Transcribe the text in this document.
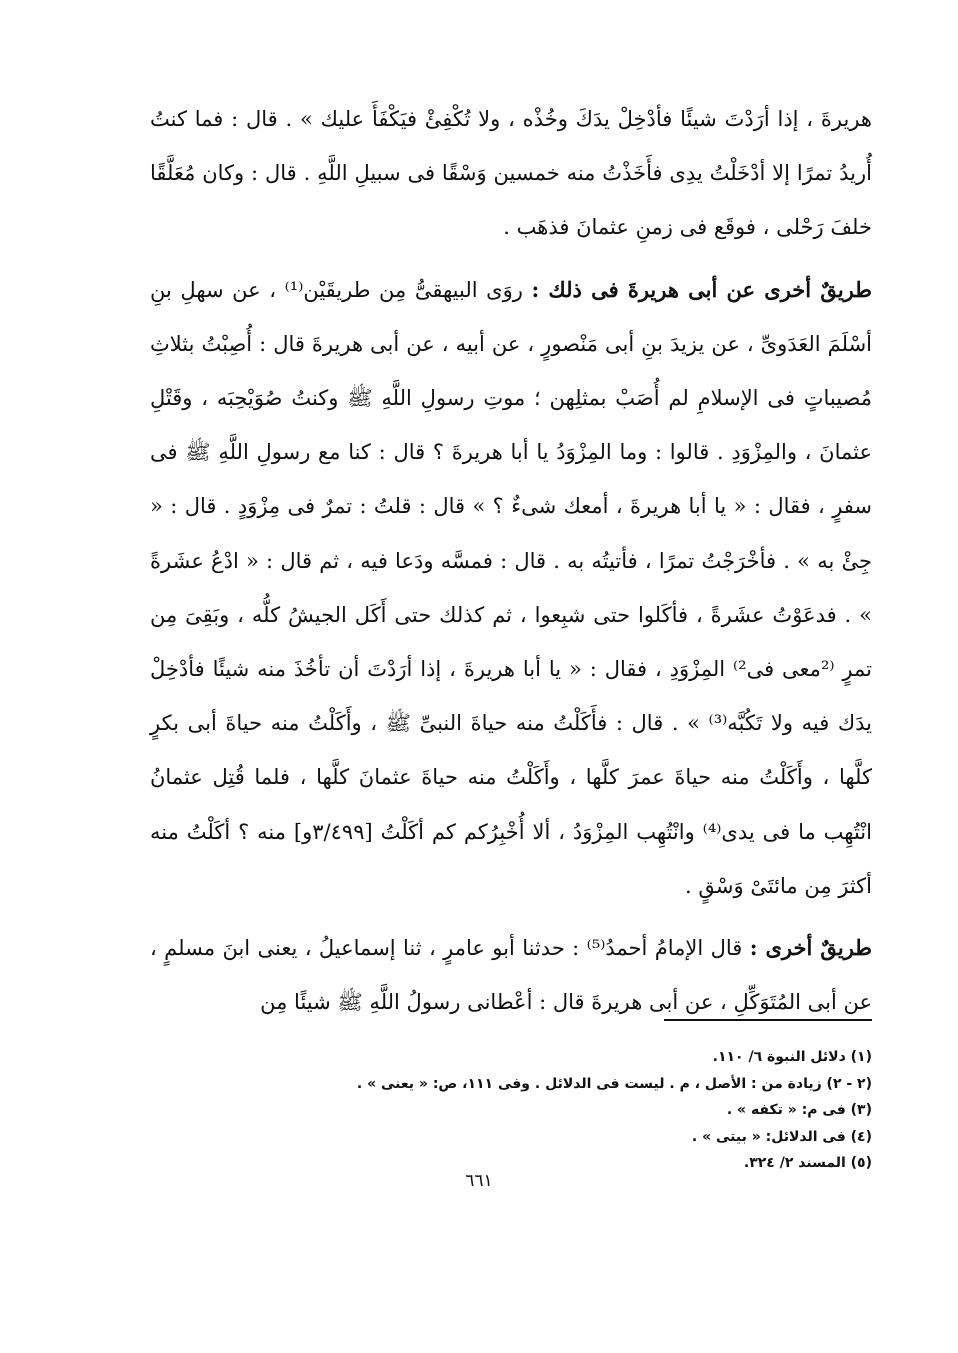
هريرةَ ، إذا أرَدْتَ شيئًا فأدْخِلْ يدَكَ وخُذْه ، ولا تُكْفِئْ فيَكْفَأَ عليك » . قال : فما كنتُ أُريدُ تمرًا إلا أدْخَلْتُ يدِى فأَخَذْتُ منه خمسين وَسْقًا فى سبيلِ اللَّهِ . قال : وكان مُعَلَّقًا خلفَ رَحْلى ، فوقَع فى زمنِ عثمانَ فذهَب .

طريقٌ أخرى عن أبى هريرةَ فى ذلك : روَى البيهقىُّ مِن طريقَيْن⁽¹⁾ ، عن سهلِ بنِ أسْلَمَ العَدَوىِّ ، عن يزيدَ بنِ أبى مَنْصورٍ ، عن أبيه ، عن أبى هريرةَ قال : أُصِبْتُ بثلاثِ مُصيباتٍ فى الإسلامِ لم أُصَبْ بمثلِهن ؛ موتِ رسولِ اللَّهِ ﷺ وكنتُ صُوَيْحِبَه ، وقَتْلِ عثمانَ ، والمِزْوَدِ . قالوا : وما المِزْوَدُ يا أبا هريرةَ ؟ قال : كنا مع رسولِ اللَّهِ ﷺ فى سفرٍ ، فقال : « يا أبا هريرةَ ، أمعك شىءٌ ؟ » قال : قلتُ : تمرٌ فى مِزْوَدٍ . قال : « جِئْ به » . فأخْرَجْتُ تمرًا ، فأتيتُه به . قال : فمسَّه ودَعا فيه ، ثم قال : « ادْعُ عشَرةً » . فدعَوْتُ عشَرةً ، فأكَلوا حتى شبِعوا ، ثم كذلك حتى أَكَل الجيشُ كلُّه ، وبَقِىَ مِن تمرٍ ⁽²معى فى²⁾ المِزْوَدِ ، فقال : « يا أبا هريرةَ ، إذا أرَدْتَ أن تأخُذَ منه شيئًا فأدْخِلْ يدَك فيه ولا تَكُبَّه⁽³⁾ » . قال : فأَكَلْتُ منه حياةَ النبىِّ ﷺ ، وأَكَلْتُ منه حياةَ أبى بكرٍ كلَّها ، وأَكَلْتُ منه حياةَ عمرَ كلَّها ، وأَكَلْتُ منه حياةَ عثمانَ كلَّها ، فلما قُتِل عثمانُ انْتُهِب ما فى يدى⁽⁴⁾ وانْتُهِب المِزْوَدُ ، ألا أُخْبِرُكم كم أكَلْتُ [٣/٤٩٩و] منه ؟ أكَلْتُ منه أكثرَ مِن مائتَىْ وَسْقٍ .

طريقٌ أخرى : قال الإمامُ أحمدُ⁽⁵⁾ : حدثنا أبو عامرٍ ، ثنا إسماعيلُ ، يعنى ابنَ مسلمٍ ، عن أبى المُتَوَكِّلِ ، عن أبى هريرةَ قال : أعْطانى رسولُ اللَّهِ ﷺ شيئًا مِن

(١) دلائل النبوة ٦/ ١١٠.
(٢ - ٢) زيادة من : الأصل ، م . ليست فى الدلائل . وفى ١١١، ص: « يعنى » .
(٣) فى م: « تكفه » .
(٤) فى الدلائل: « بيتى » .
(٥) المسند ٢/ ٣٢٤.
٦٦١
